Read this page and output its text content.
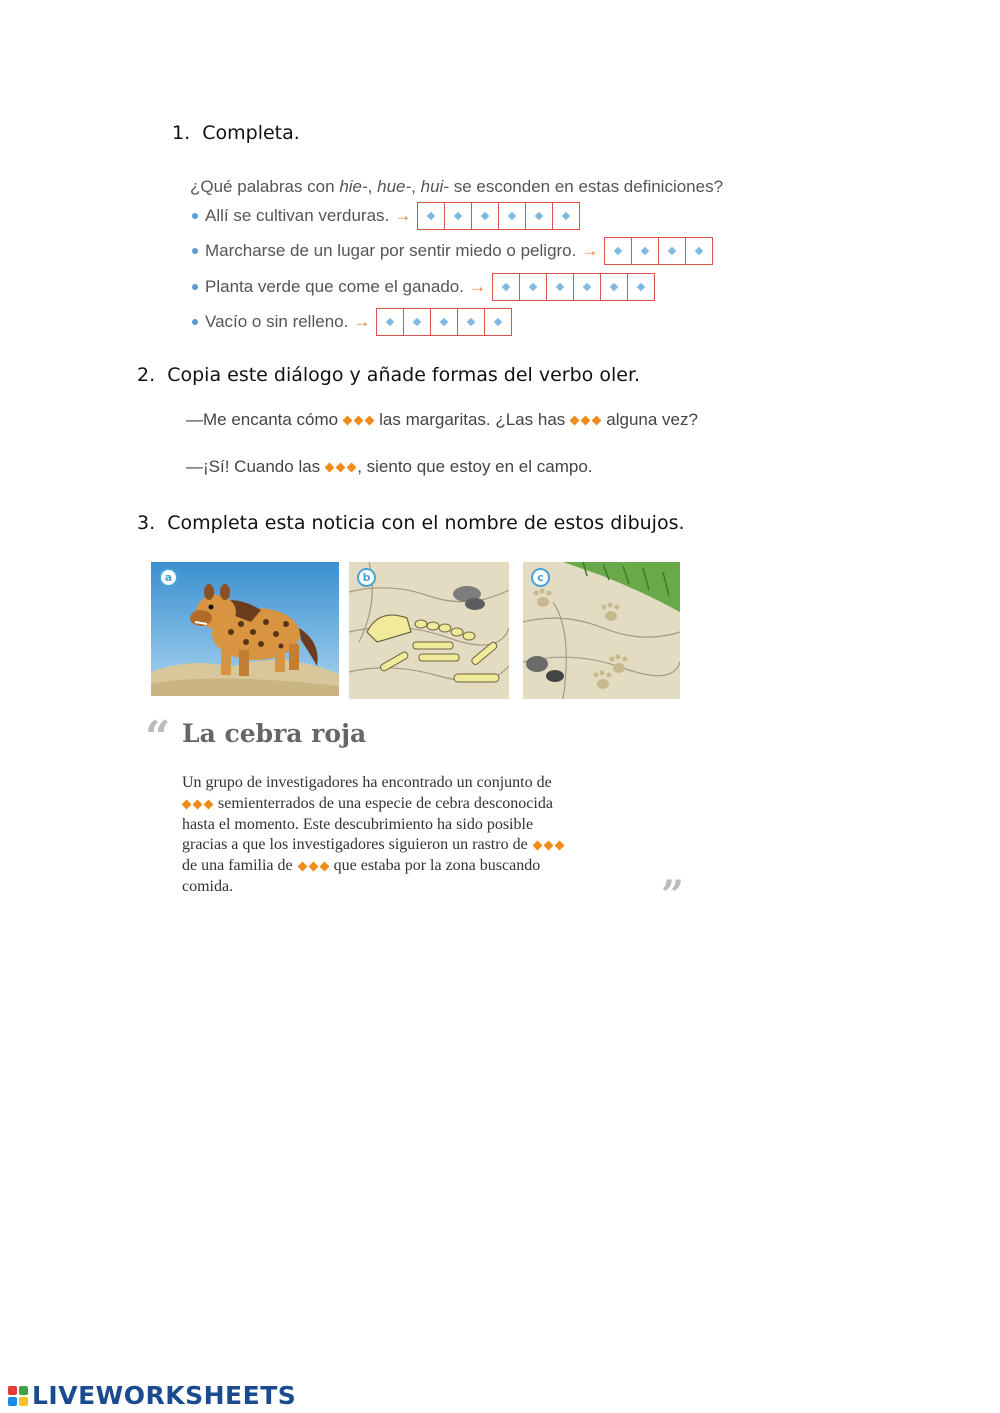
1. Completa.
¿Qué palabras con hie-, hue-, hui- se esconden en estas definiciones?
Allí se cultivan verduras. →
Marcharse de un lugar por sentir miedo o peligro. →
Planta verde que come el ganado. →
Vacío o sin relleno. →
2. Copia este diálogo y añade formas del verbo oler.
—Me encanta cómo las margaritas. ¿Las has alguna vez?
—¡Sí! Cuando las , siento que estoy en el campo.
3. Completa esta noticia con el nombre de estos dibujos.
a	b	c
“ La cebra roja
Un grupo de investigadores ha encontrado un conjunto de
semienterrados de una especie de cebra desconocida
hasta el momento. Este descubrimiento ha sido posible
gracias a que los investigadores siguieron un rastro de
de una familia de	que estaba por la zona buscando
comida.	”
LIVEWORKSHEETS
